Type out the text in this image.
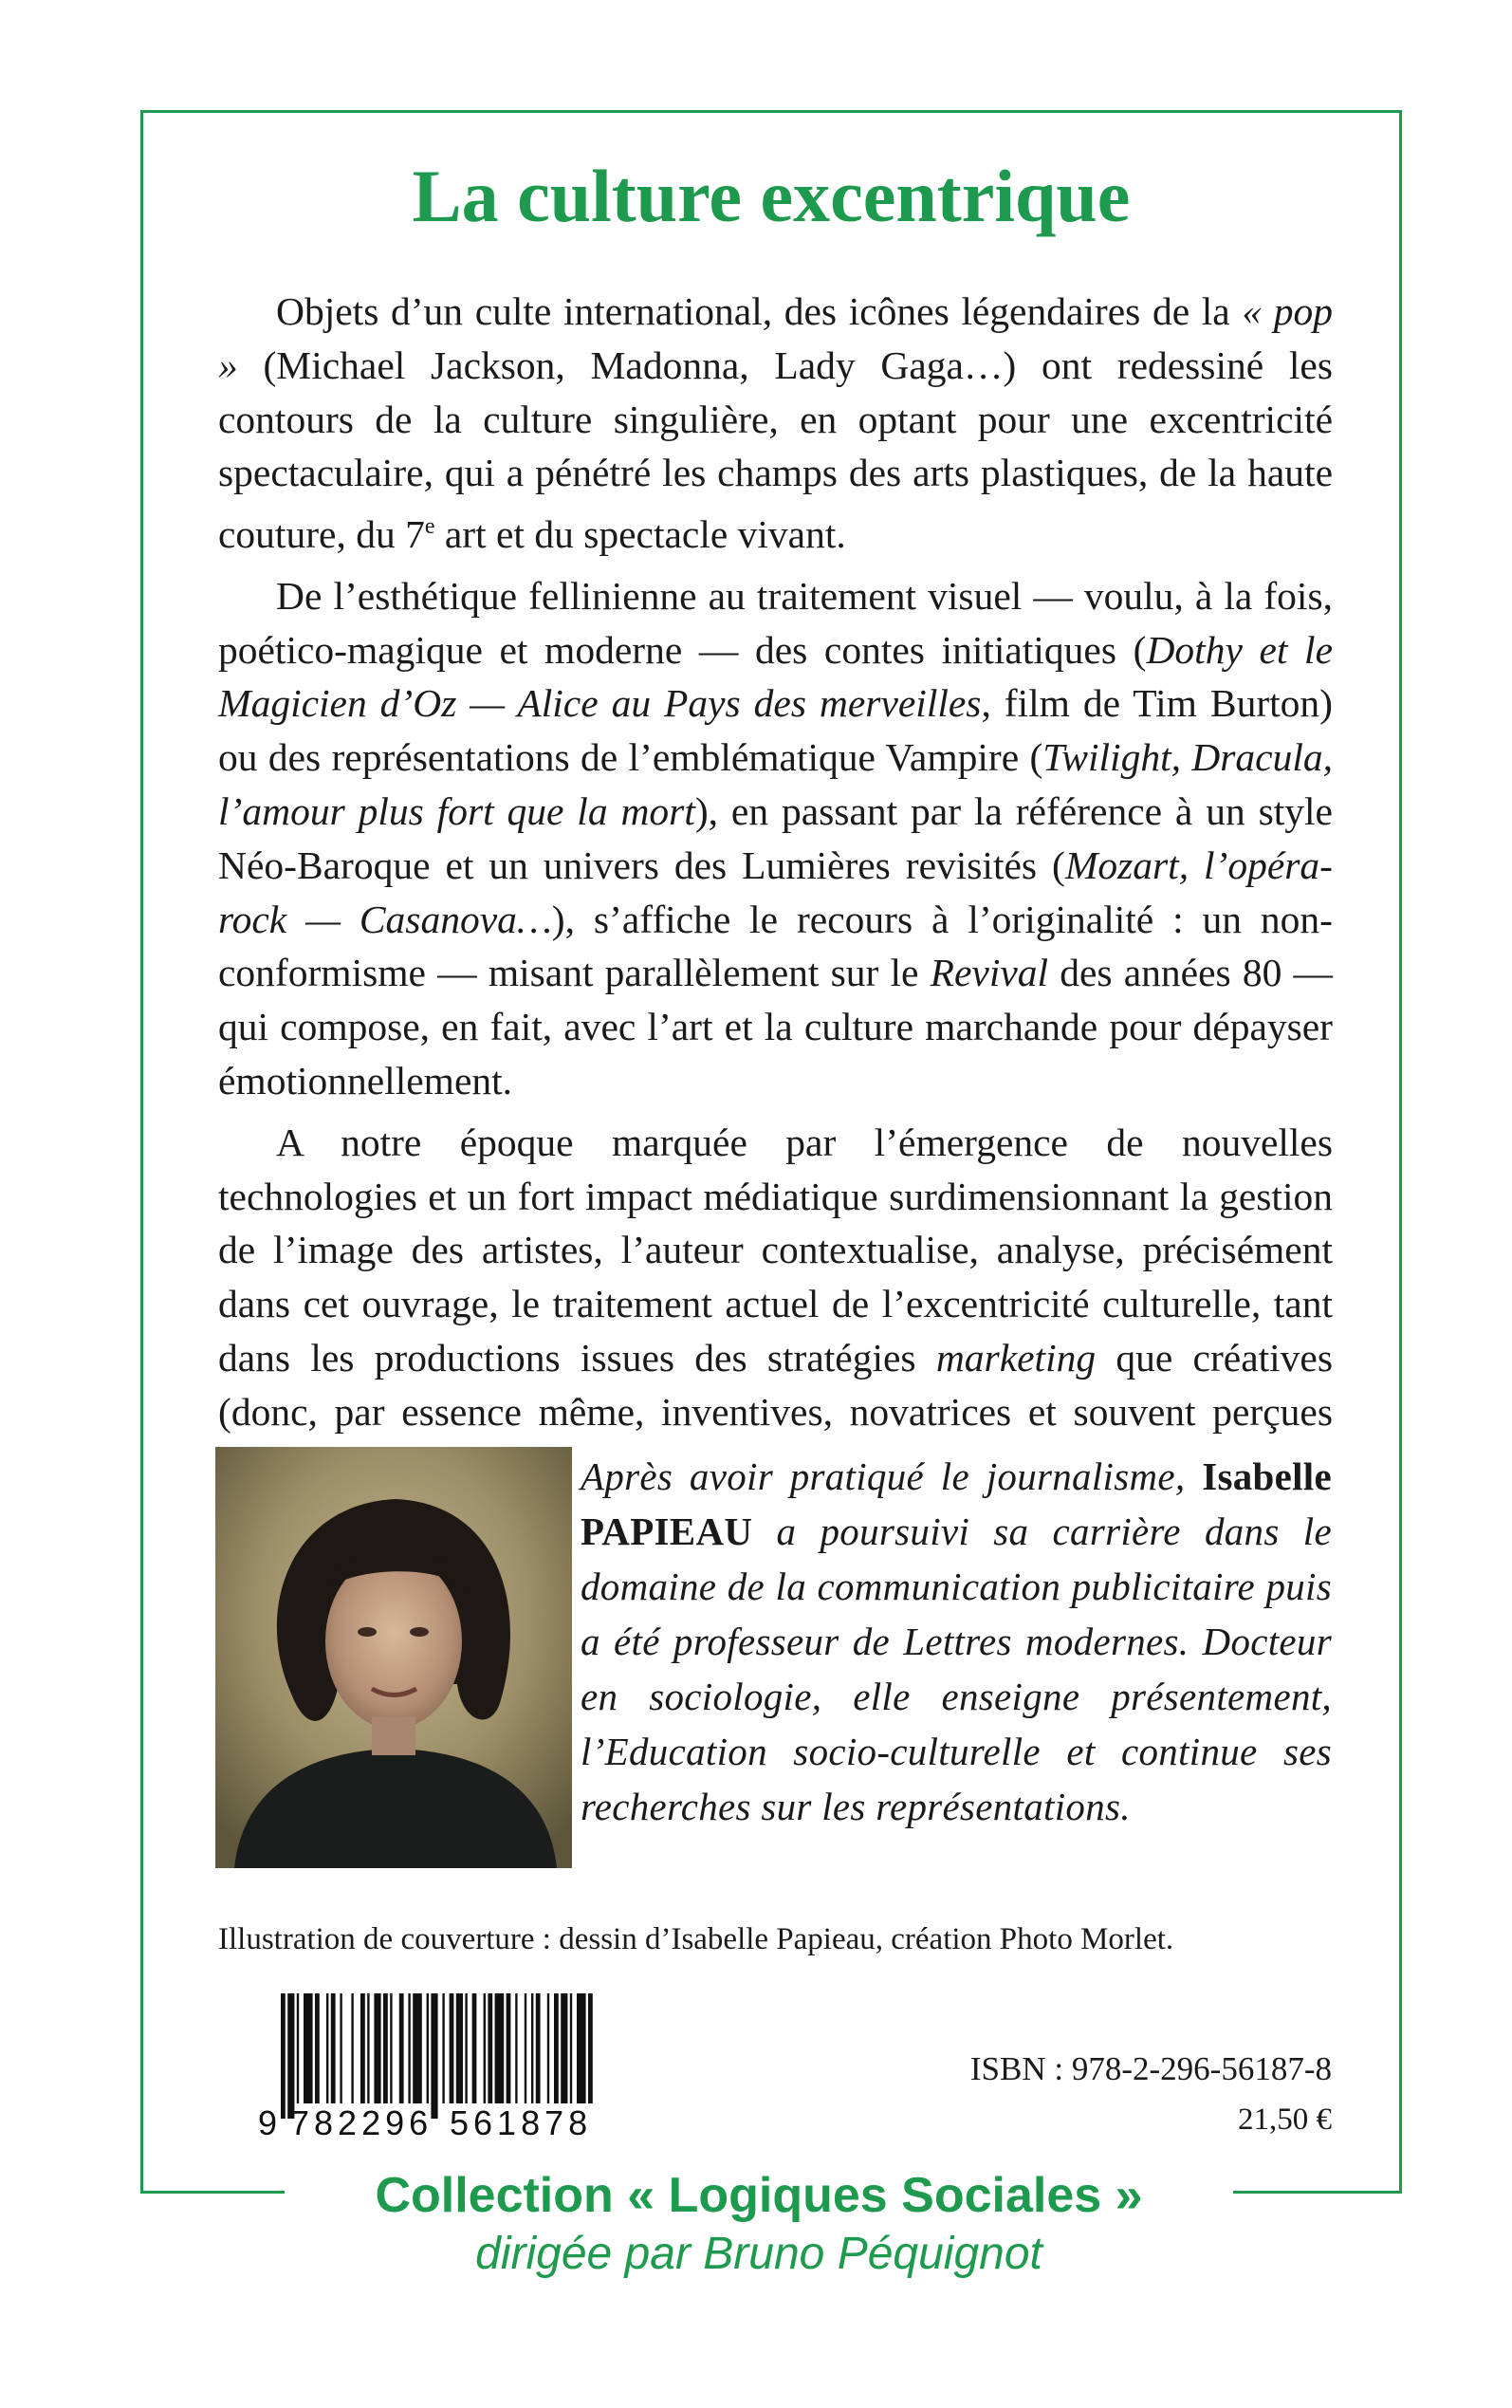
La culture excentrique

Objets d’un culte international, des icônes légendaires de la « pop » (Michael Jackson, Madonna, Lady Gaga…) ont redessiné les contours de la culture singulière, en optant pour une excentricité spectaculaire, qui a pénétré les champs des arts plastiques, de la haute couture, du 7e art et du spectacle vivant.

De l’esthétique fellinienne au traitement visuel — voulu, à la fois, poético-magique et moderne — des contes initiatiques (Dothy et le Magicien d’Oz — Alice au Pays des merveilles, film de Tim Burton) ou des représentations de l’emblématique Vampire (Twilight, Dracula, l’amour plus fort que la mort), en passant par la référence à un style Néo-Baroque et un univers des Lumières revisités (Mozart, l’opéra-rock — Casanova…), s’affiche le recours à l’originalité : un non-conformisme — misant parallèlement sur le Revival des années 80 — qui compose, en fait, avec l’art et la culture marchande pour dépayser émotionnellement.

A notre époque marquée par l’émergence de nouvelles technologies et un fort impact médiatique surdimensionnant la gestion de l’image des artistes, l’auteur contextualise, analyse, précisément dans cet ouvrage, le traitement actuel de l’excentricité culturelle, tant dans les productions issues des stratégies marketing que créatives (donc, par essence même, inventives, novatrices et souvent perçues

Après avoir pratiqué le journalisme, Isabelle PAPIEAU a poursuivi sa carrière dans le domaine de la communication publicitaire puis a été professeur de Lettres modernes. Docteur en sociologie, elle enseigne présentement, l’Education socio-culturelle et continue ses recherches sur les représentations.
Illustration de couverture : dessin d’Isabelle Papieau, création Photo Morlet.
9 782296 561878
ISBN : 978-2-296-56187-8
21,50 €
Collection « Logiques Sociales »
dirigée par Bruno Péquignot
